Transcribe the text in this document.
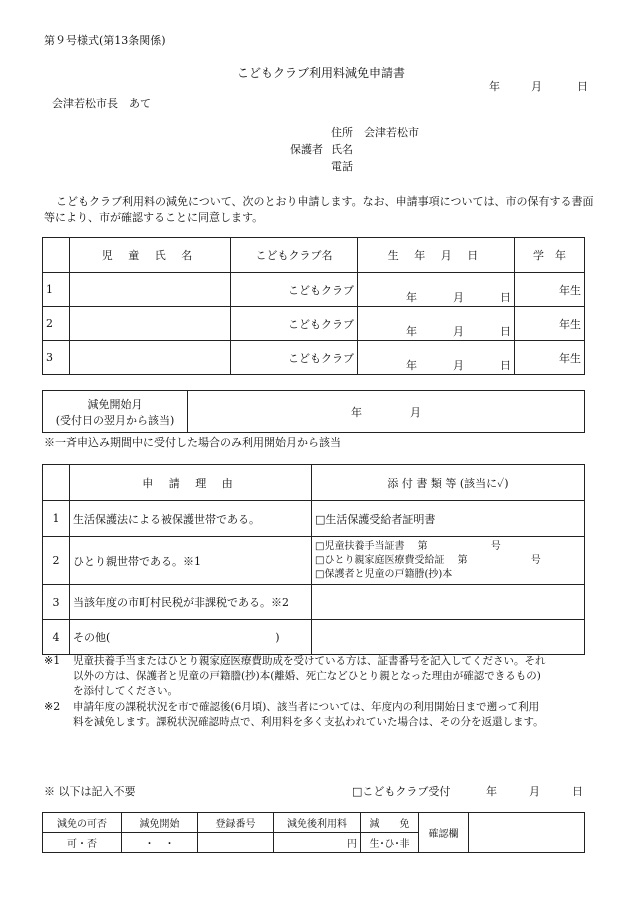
第９号様式(第13条関係)
こどもクラブ利用料減免申請書
年	月	日
会津若松市長　あて
住所 会津若松市
保護者 氏名
電話
こどもクラブ利用料の減免について、次のとおり申請します。なお、申請事項については、市の保有する書面
等により、市が確認することに同意します。
	児 童 氏 名	こどもクラブ名	生 年 月 日	学　年
1		こどもクラブ	年 月 日	年生
2		こどもクラブ	年 月 日	年生
3		こどもクラブ	年 月 日	年生
減免開始月
(受付日の翌月から該当)

年	月
※一斉申込み期間中に受付した場合のみ利用開始月から該当
	申 請 理 由	添 付 書 類 等 (該当に✓)
1	生活保護法による被保護世帯である。	□生活保護受給者証明書

2	ひとり親世帯である。※1	□児童扶養手当証書　 第　　　　　　 号
□ひとり親家庭医療費受給証　 第　　　　　　 号
□保護者と児童の戸籍謄(抄)本

3	当該年度の市町村民税が非課税である。※2	
4	その他(　　　　　　　　　　　　　　　)	
※1 児童扶養手当またはひとり親家庭医療費助成を受けている方は、証書番号を記入してください。それ
以外の方は、保護者と児童の戸籍謄(抄)本(離婚、死亡などひとり親となった理由が確認できるもの)
を添付してください。
※2 申請年度の課税状況を市で確認後(6月頃)、該当者については、年度内の利用開始日まで遡って利用
料を減免します。課税状況確認時点で、利用料を多く支払われていた場合は、その分を返還します。
※ 以下は記入不要	□こどもクラブ受付	年	月	日
減免の可否	減免開始	登録番号	減免後利用料	減　　免	確認欄	
可・否	・　・		円	生･ひ･非		
